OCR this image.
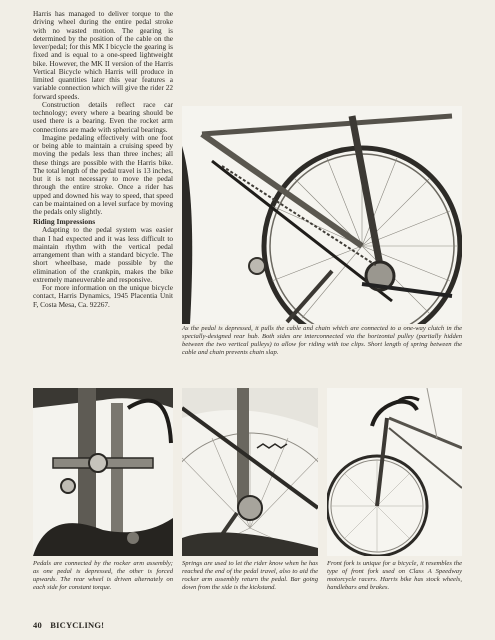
Harris has managed to deliver torque to the driving wheel during the entire pedal stroke with no wasted motion. The gearing is determined by the position of the cable on the lever/pedal; for this MK I bicycle the gearing is fixed and is equal to a one-speed lightweight bike. However, the MK II version of the Harris Vertical Bicycle which Harris will produce in limited quantities later this year features a variable connection which will give the rider 22 forward speeds.

Construction details reflect race car technology; every where a bearing should be used there is a bearing. Even the rocket arm connections are made with spherical bearings.

Imagine pedaling effectively with one foot or being able to maintain a cruising speed by moving the pedals less than three inches; all these things are possible with the Harris bike. The total length of the pedal travel is 13 inches, but it is not necessary to move the pedal through the entire stroke. Once a rider has upped and downed his way to speed, that speed can be maintained on a level surface by moving the pedals only slightly.

Riding Impressions

Adapting to the pedal system was easier than I had expected and it was less difficult to maintain rhythm with the vertical pedal arrangement than with a standard bicycle. The short wheelbase, made possible by the elimination of the crankpin, makes the bike extremely maneuverable and responsive.

For more information on the unique bicycle contact, Harris Dynamics, 1945 Placentia Unit F, Costa Mesa, Ca. 92267.

As the pedal is depressed, it pulls the cable and chain which are connected to a one-way clutch in the specially-designed rear hub. Both sides are interconnected via the horizontal pulley (partially hidden between the two vertical pulleys) to allow for riding with toe clips. Short length of spring between the cable and chain prevents chain slap.
Pedals are connected by the rocker arm assembly; as one pedal is depressed, the other is forced upwards. The rear wheel is driven alternately on each side for constant torque.
Springs are used to let the rider know when he has reached the end of the pedal travel, also to aid the rocker arm assembly return the pedal. Bar going down from the side is the kickstand.
Front fork is unique for a bicycle, it resembles the type of front fork used on Class A Speedway motorcycle racers. Harris bike has stock wheels, handlebars and brakes.
40 BICYCLING!
